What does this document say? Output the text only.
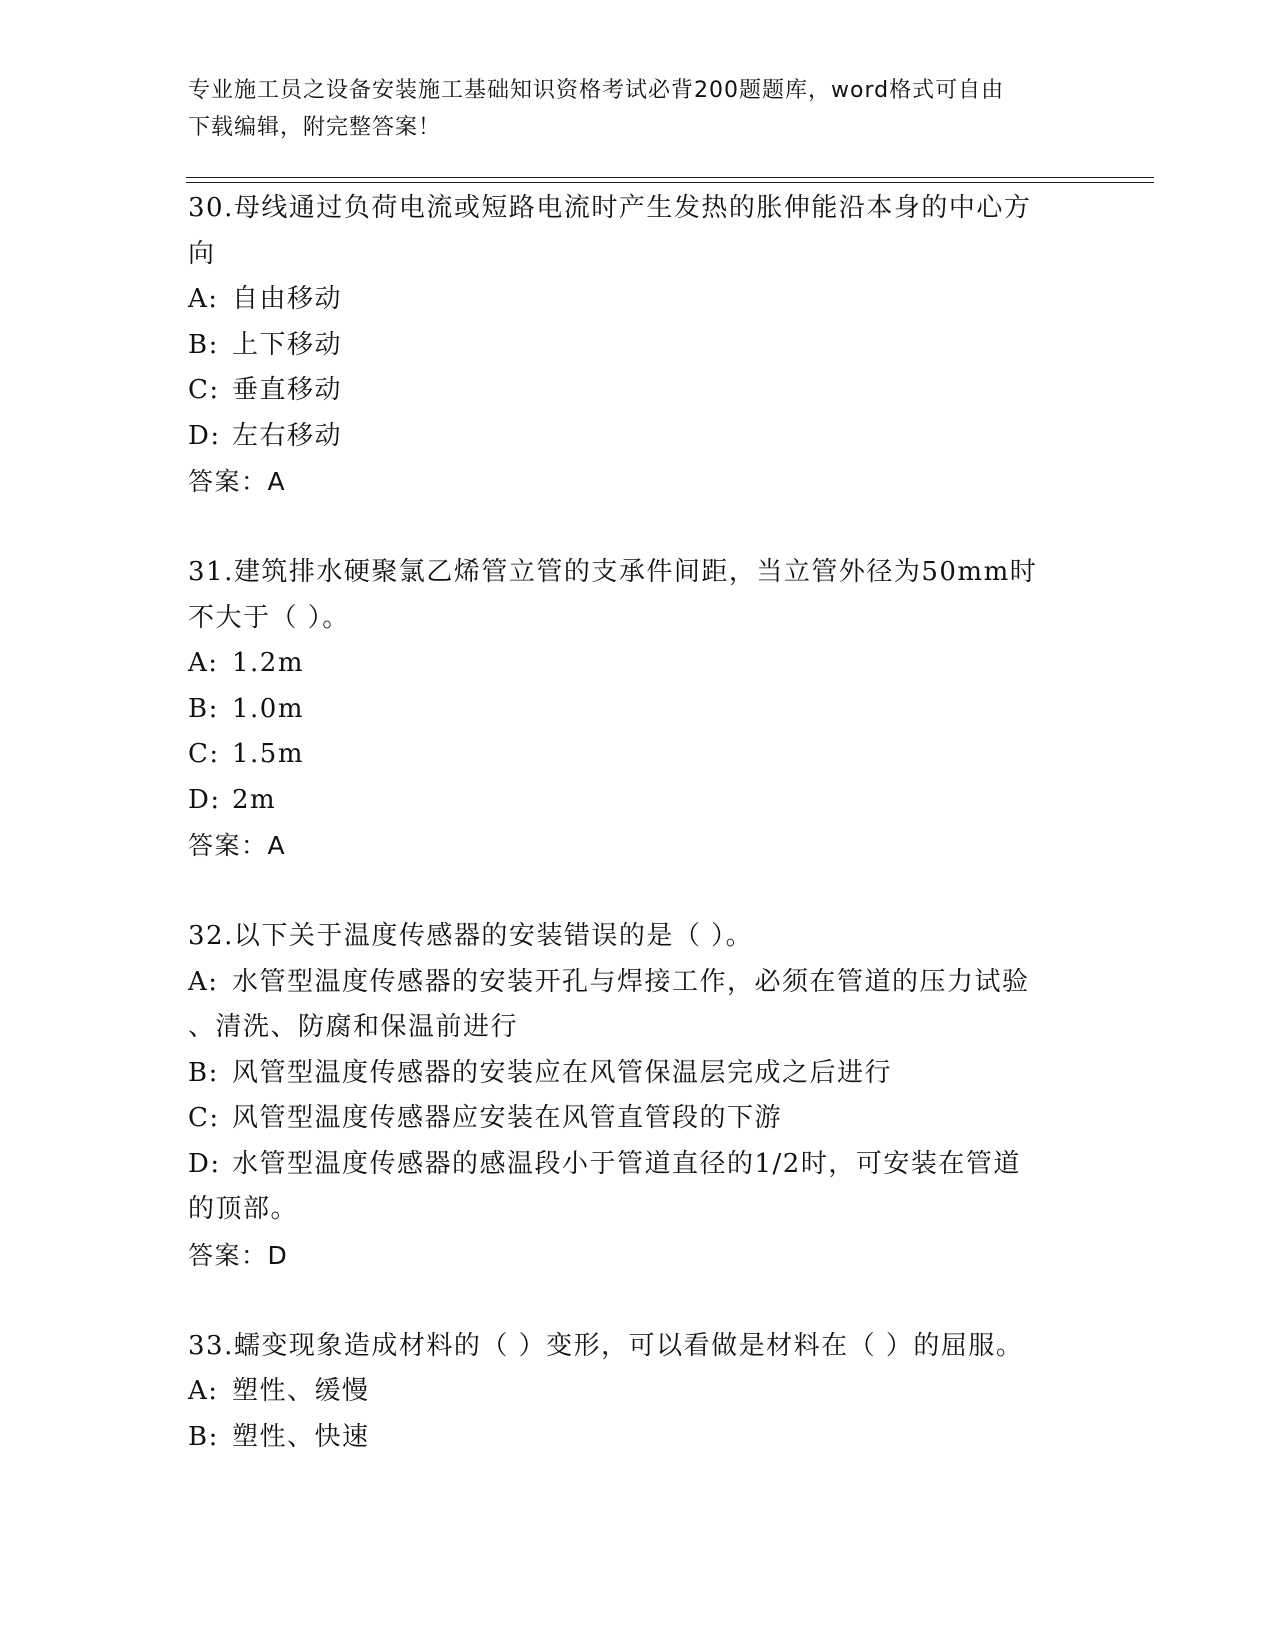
专业施工员之设备安装施工基础知识资格考试必背200题题库，word格式可自由
下载编辑，附完整答案！
30.母线通过负荷电流或短路电流时产生发热的胀伸能沿本身的中心方
向
A: 自由移动
B: 上下移动
C: 垂直移动
D: 左右移动
答案：A
31.建筑排水硬聚氯乙烯管立管的支承件间距，当立管外径为50mm时
不大于（ ）。
A: 1.2m
B: 1.0m
C: 1.5m
D: 2m
答案：A
32.以下关于温度传感器的安装错误的是（ ）。
A: 水管型温度传感器的安装开孔与焊接工作，必须在管道的压力试验
、清洗、防腐和保温前进行
B: 风管型温度传感器的安装应在风管保温层完成之后进行
C: 风管型温度传感器应安装在风管直管段的下游
D: 水管型温度传感器的感温段小于管道直径的1/2时，可安装在管道
的顶部。
答案：D
33.蠕变现象造成材料的（ ）变形，可以看做是材料在（ ）的屈服。
A: 塑性、缓慢
B: 塑性、快速
